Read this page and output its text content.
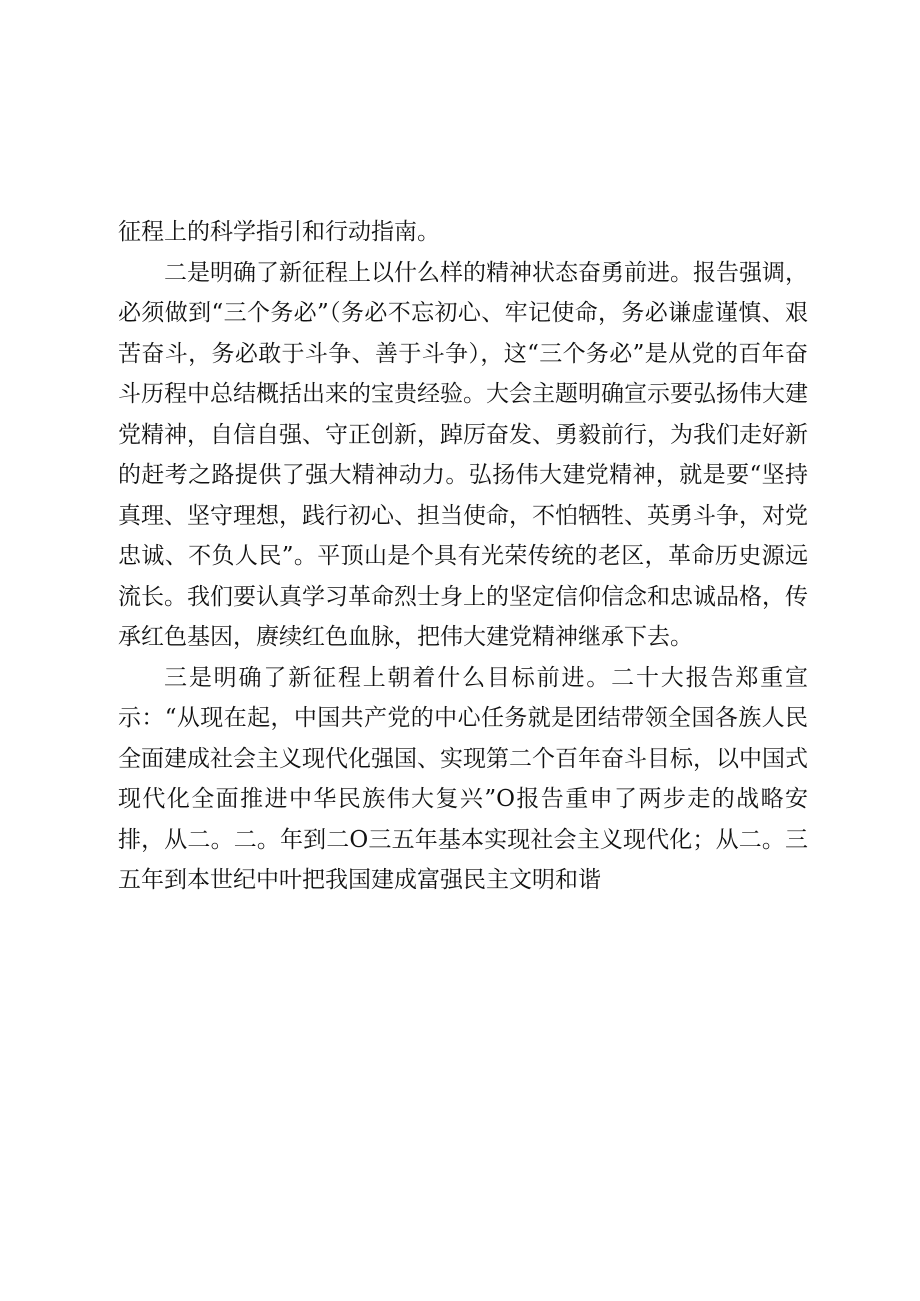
征程上的科学指引和行动指南。

二是明确了新征程上以什么样的精神状态奋勇前进。报告强调，必须做到“三个务必”（务必不忘初心、牢记使命，务必谦虚谨慎、艰苦奋斗，务必敢于斗争、善于斗争），这“三个务必”是从党的百年奋斗历程中总结概括出来的宝贵经验。大会主题明确宣示要弘扬伟大建党精神，自信自强、守正创新，踔厉奋发、勇毅前行，为我们走好新的赶考之路提供了强大精神动力。弘扬伟大建党精神，就是要“坚持真理、坚守理想，践行初心、担当使命，不怕牺牲、英勇斗争，对党忠诚、不负人民”。平顶山是个具有光荣传统的老区，革命历史源远流长。我们要认真学习革命烈士身上的坚定信仰信念和忠诚品格，传承红色基因，赓续红色血脉，把伟大建党精神继承下去。

三是明确了新征程上朝着什么目标前进。二十大报告郑重宣示：“从现在起，中国共产党的中心任务就是团结带领全国各族人民全面建成社会主义现代化强国、实现第二个百年奋斗目标，以中国式现代化全面推进中华民族伟大复兴”O报告重申了两步走的战略安排，从二。二。年到二O三五年基本实现社会主义现代化；从二。三五年到本世纪中叶把我国建成富强民主文明和谐
